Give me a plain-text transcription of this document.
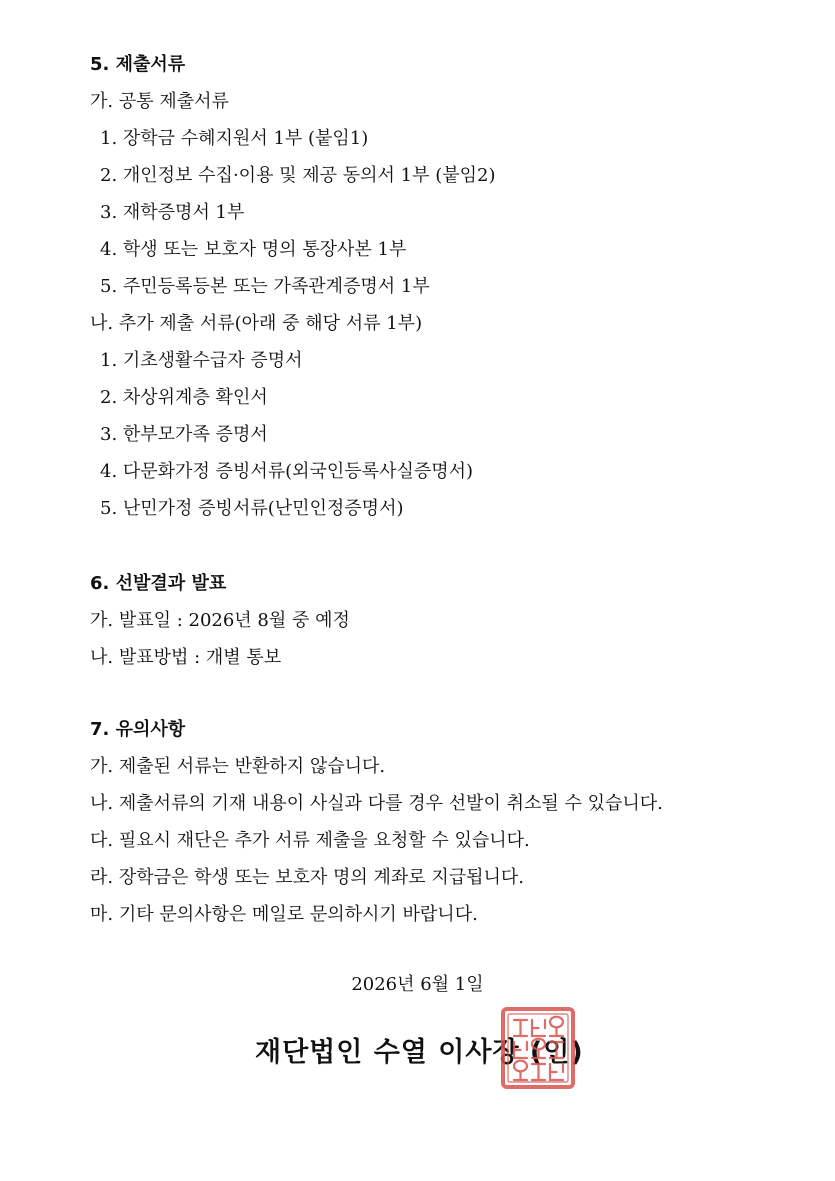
5. 제출서류
가. 공통 제출서류
1. 장학금 수혜지원서 1부 (붙임1)
2. 개인정보 수집·이용 및 제공 동의서 1부 (붙임2)
3. 재학증명서 1부
4. 학생 또는 보호자 명의 통장사본 1부
5. 주민등록등본 또는 가족관계증명서 1부
나. 추가 제출 서류(아래 중 해당 서류 1부)
1. 기초생활수급자 증명서
2. 차상위계층 확인서
3. 한부모가족 증명서
4. 다문화가정 증빙서류(외국인등록사실증명서)
5. 난민가정 증빙서류(난민인정증명서)
6. 선발결과 발표
가. 발표일 : 2026년 8월 중 예정
나. 발표방법 : 개별 통보
7. 유의사항
가. 제출된 서류는 반환하지 않습니다.
나. 제출서류의 기재 내용이 사실과 다를 경우 선발이 취소될 수 있습니다.
다. 필요시 재단은 추가 서류 제출을 요청할 수 있습니다.
라. 장학금은 학생 또는 보호자 명의 계좌로 지급됩니다.
마. 기타 문의사항은 메일로 문의하시기 바랍니다.
2026년 6월 1일
재단법인 수열 이사장 (인)
